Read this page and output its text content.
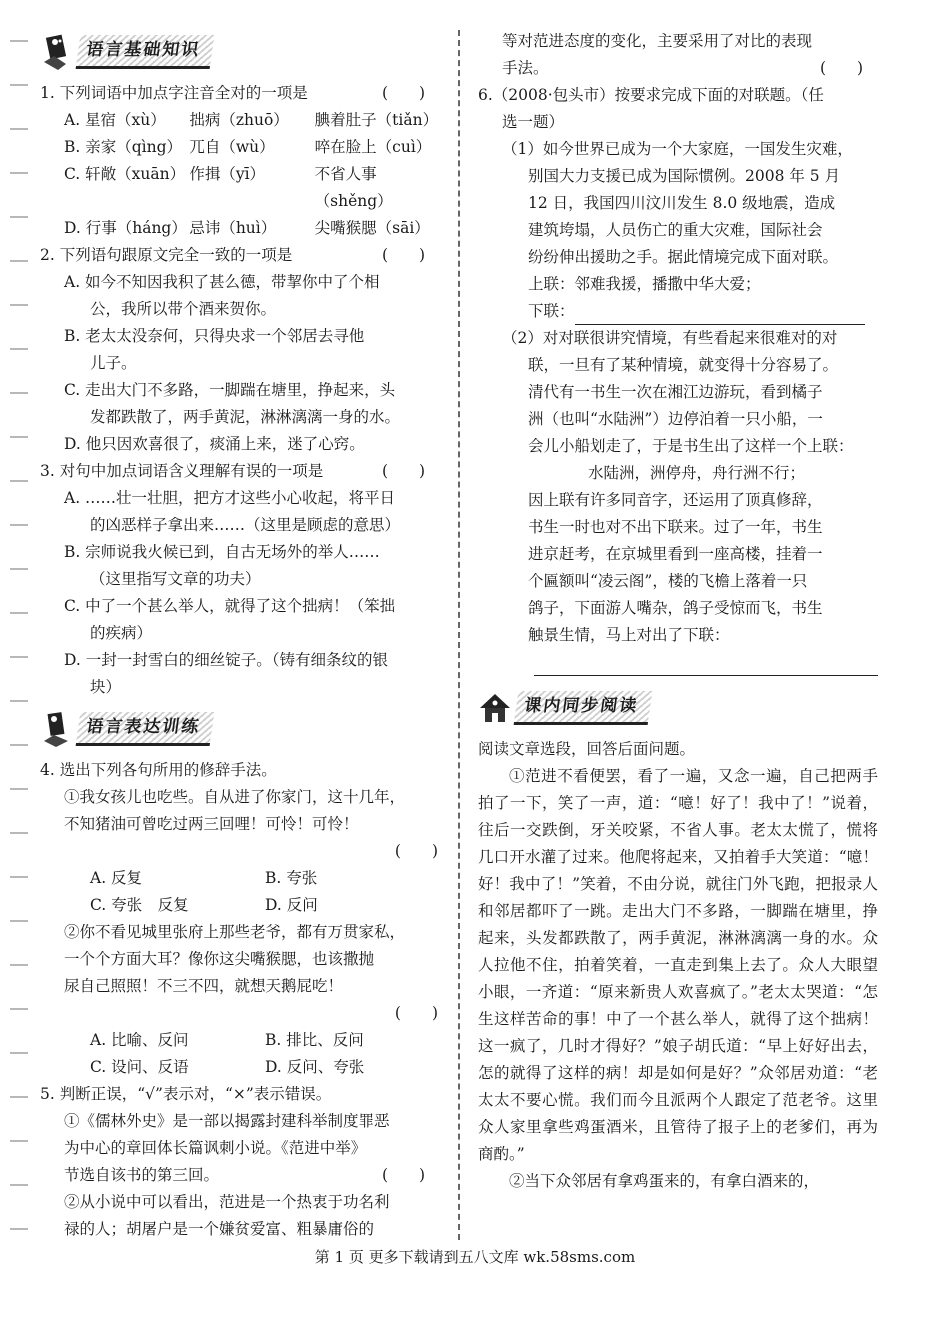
语言基础知识
(　　)
1. 下列词语中加点字注音全对的一项是
A. 星宿（xù）	拙病（zhuō）	腆着肚子（tiǎn）
B. 亲家（qìng） 兀自（wù）	啐在脸上（cuì）
C. 轩敞（xuān） 作揖（yī）	不省人事（shěng）
D. 行事（háng） 忌讳（huì）	尖嘴猴腮（sāi）
(　　)
2. 下列语句跟原文完全一致的一项是
A. 如今不知因我积了甚么德，带挈你中了个相
公，我所以带个酒来贺你。
B. 老太太没奈何，只得央求一个邻居去寻他
儿子。
C. 走出大门不多路，一脚踹在塘里，挣起来，头
发都跌散了，两手黄泥，淋淋漓漓一身的水。
D. 他只因欢喜很了，痰涌上来，迷了心窍。
(　　)
3. 对句中加点词语含义理解有误的一项是
A. ……壮一壮胆，把方才这些小心收起，将平日
的凶恶样子拿出来……（这里是顾虑的意思）
B. 宗师说我火候已到，自古无场外的举人……
（这里指写文章的功夫）
C. 中了一个甚么举人，就得了这个拙病！（笨拙
的疾病）
D. 一封一封雪白的细丝锭子。（铸有细条纹的银
块）
语言表达训练
4. 选出下列各句所用的修辞手法。
①我女孩儿也吃些。自从进了你家门，这十几年，
不知猪油可曾吃过两三回哩！可怜！可怜！
(　　)
A. 反复	B. 夸张
C. 夸张　反复	D. 反问
②你不看见城里张府上那些老爷，都有万贯家私，
一个个方面大耳？像你这尖嘴猴腮，也该撒抛
尿自己照照！不三不四，就想天鹅屁吃！
(　　)
A. 比喻、反问	B. 排比、反问
C. 设问、反语	D. 反问、夸张
5. 判断正误，“√”表示对，“×”表示错误。
①《儒林外史》是一部以揭露封建科举制度罪恶
为中心的章回体长篇讽刺小说。《范进中举》
(　　)
节选自该书的第三回。
②从小说中可以看出，范进是一个热衷于功名利
禄的人；胡屠户是一个嫌贫爱富、粗暴庸俗的
等对范进态度的变化，主要采用了对比的表现
(　　)
手法。
6.（2008·包头市）按要求完成下面的对联题。（任
选一题）
（1）如今世界已成为一个大家庭，一国发生灾难，
别国大力支援已成为国际惯例。2008 年 5 月
12 日，我国四川汶川发生 8.0 级地震，造成
建筑垮塌，人员伤亡的重大灾难，国际社会
纷纷伸出援助之手。据此情境完成下面对联。
上联：邻难我援，播撒中华大爱；
下联：
（2）对对联很讲究情境，有些看起来很难对的对
联，一旦有了某种情境，就变得十分容易了。
清代有一书生一次在湘江边游玩，看到橘子
洲（也叫“水陆洲”）边停泊着一只小船，一
会儿小船划走了，于是书生出了这样一个上联：
水陆洲，洲停舟，舟行洲不行；
因上联有许多同音字，还运用了顶真修辞，
书生一时也对不出下联来。过了一年，书生
进京赶考，在京城里看到一座高楼，挂着一
个匾额叫“凌云阁”，楼的飞檐上落着一只
鸽子，下面游人嘴杂，鸽子受惊而飞，书生
触景生情，马上对出了下联：
课内同步阅读
阅读文章选段，回答后面问题。
①范进不看便罢，看了一遍，又念一遍，自己把两手拍了一下，笑了一声，道：“噫！好了！我中了！”说着，往后一交跌倒，牙关咬紧，不省人事。老太太慌了，慌将几口开水灌了过来。他爬将起来，又拍着手大笑道：“噫！好！我中了！”笑着，不由分说，就往门外飞跑，把报录人和邻居都吓了一跳。走出大门不多路，一脚踹在塘里，挣起来，头发都跌散了，两手黄泥，淋淋漓漓一身的水。众人拉他不住，拍着笑着，一直走到集上去了。众人大眼望小眼，一齐道：“原来新贵人欢喜疯了。”老太太哭道：“怎生这样苦命的事！中了一个甚么举人，就得了这个拙病！这一疯了，几时才得好？”娘子胡氏道：“早上好好出去，怎的就得了这样的病！却是如何是好？”众邻居劝道：“老太太不要心慌。我们而今且派两个人跟定了范老爷。这里众人家里拿些鸡蛋酒米，且管待了报子上的老爹们，再为商酌。”
②当下众邻居有拿鸡蛋来的，有拿白酒来的，
第 1 页 更多下载请到五八文库 wk.58sms.com
